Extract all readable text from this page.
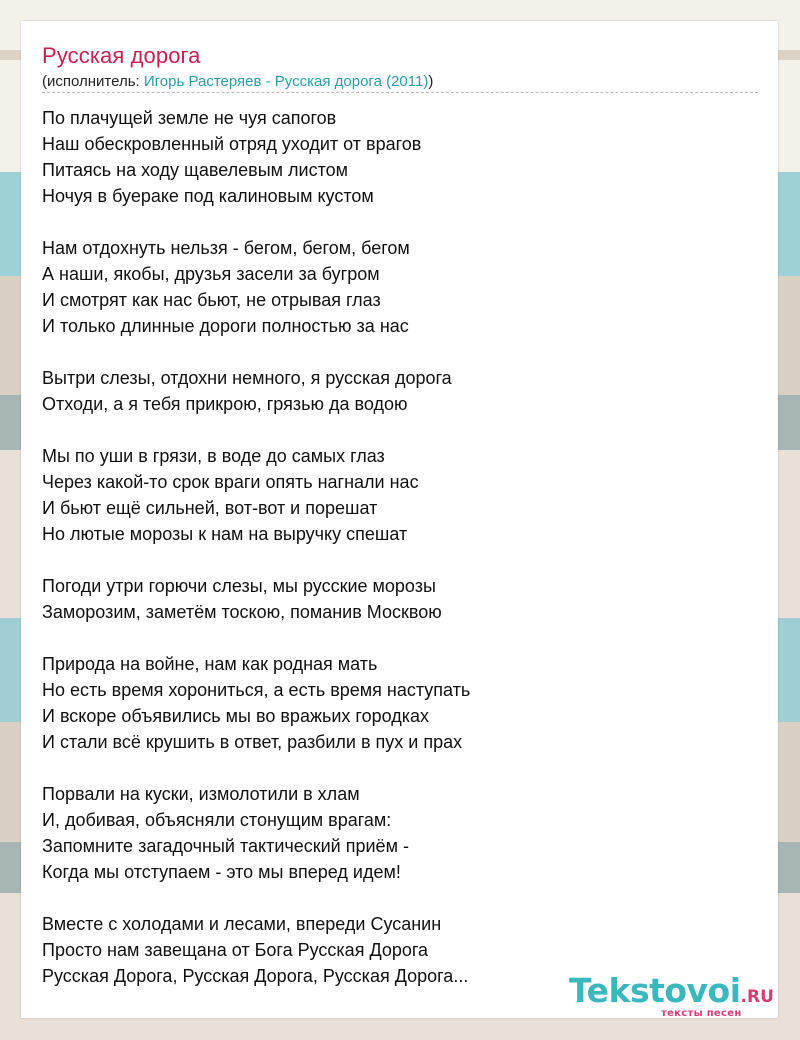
Русская дорога
(исполнитель: Игорь Растеряев - Русская дорога (2011))
По плачущей земле не чуя сапогов
Наш обескровленный отряд уходит от врагов
Питаясь на ходу щавелевым листом
Ночуя в буераке под калиновым кустом
Нам отдохнуть нельзя - бегом, бегом, бегом
А наши, якобы, друзья засели за бугром
И смотрят как нас бьют, не отрывая глаз
И только длинные дороги полностью за нас
Вытри слезы, отдохни немного, я русская дорога
Отходи, а я тебя прикрою, грязью да водою
Мы по уши в грязи, в воде до самых глаз
Через какой-то срок враги опять нагнали нас
И бьют ещё сильней, вот-вот и порешат
Но лютые морозы к нам на выручку спешат
Погоди утри горючи слезы, мы русские морозы
Заморозим, заметём тоскою, поманив Москвою
Природа на войне, нам как родная мать
Но есть время хорониться, а есть время наступать
И вскоре объявились мы во вражьих городках
И стали всё крушить в ответ, разбили в пух и прах
Порвали на куски, измолотили в хлам
И, добивая, объясняли стонущим врагам:
Запомните загадочный тактический приём -
Когда мы отступаем - это мы вперед идем!
Вместе с холодами и лесами, впереди Сусанин
Просто нам завещана от Бога Русская Дорога
Русская Дорога, Русская Дорога, Русская Дорога...	Tekstovoi.RU
тексты песен
